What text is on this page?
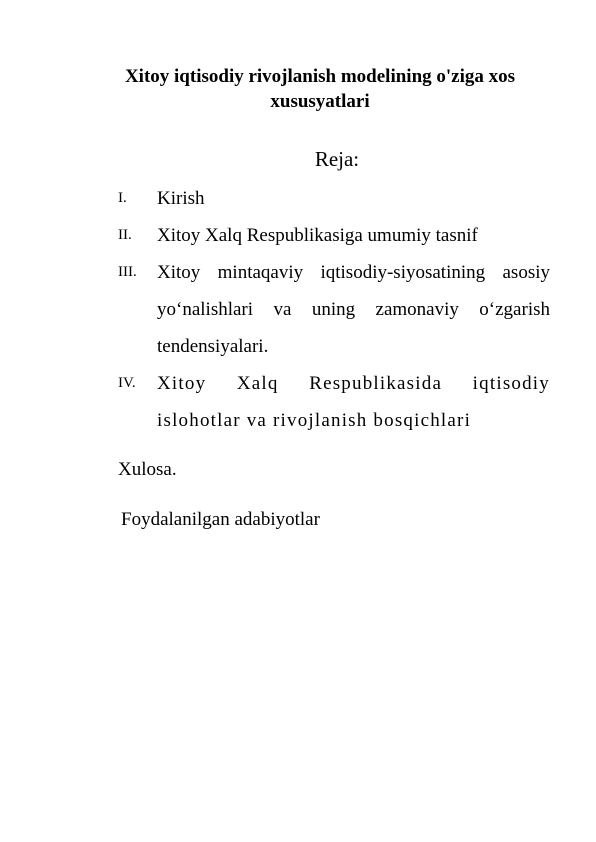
Xitoy iqtisodiy rivojlanish modelining o'ziga xos xususyatlari
Reja:
I. Kirish
II. Xitoy Xalq Respublikasiga umumiy tasnif
III. Xitoy mintaqaviy iqtisodiy-siyosatining asosiy yo‘nalishlari va uning zamonaviy o‘zgarish tendensiyalari.
IV. Xitoy Xalq Respublikasida iqtisodiy islohotlar va rivojlanish bosqichlari
Xulosa.
Foydalanilgan adabiyotlar
